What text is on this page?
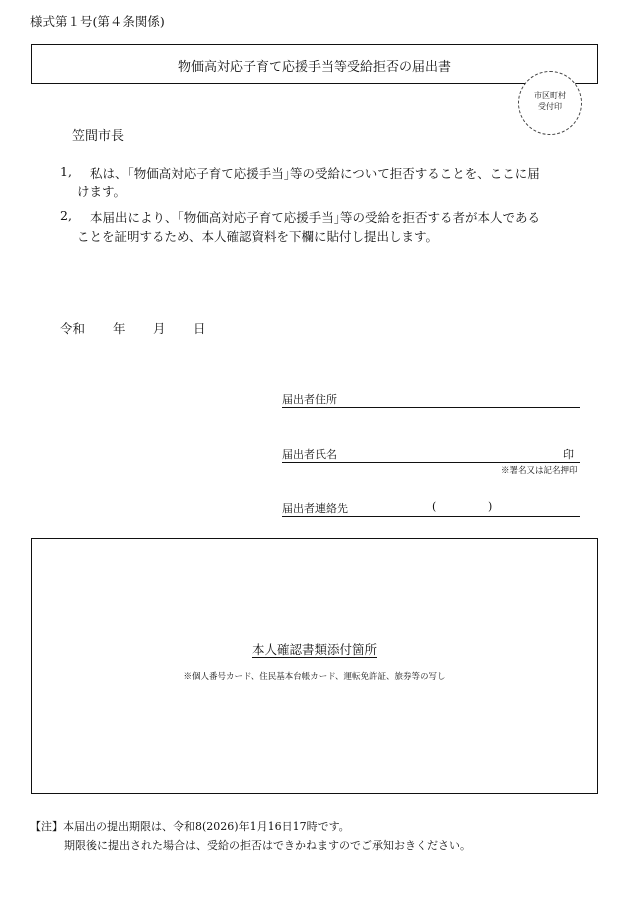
様式第１号(第４条関係)
物価高対応子育て応援手当等受給拒否の届出書
市区町村
受付印
笠間市長
1, 私は、｢物価高対応子育て応援手当｣等の受給について拒否することを、ここに届
けます。
2, 本届出により、｢物価高対応子育て応援手当｣等の受給を拒否する者が本人である
ことを証明するため、本人確認資料を下欄に貼付し提出します。
令和 年 月 日
届出者住所
届出者氏名	印
※署名又は記名押印
届出者連絡先	(	)
本人確認書類添付箇所
※個人番号カード、住民基本台帳カード、運転免許証、旅券等の写し
【注】本届出の提出期限は、令和8(2026)年1月16日17時です。
期限後に提出された場合は、受給の拒否はできかねますのでご承知おきください。
